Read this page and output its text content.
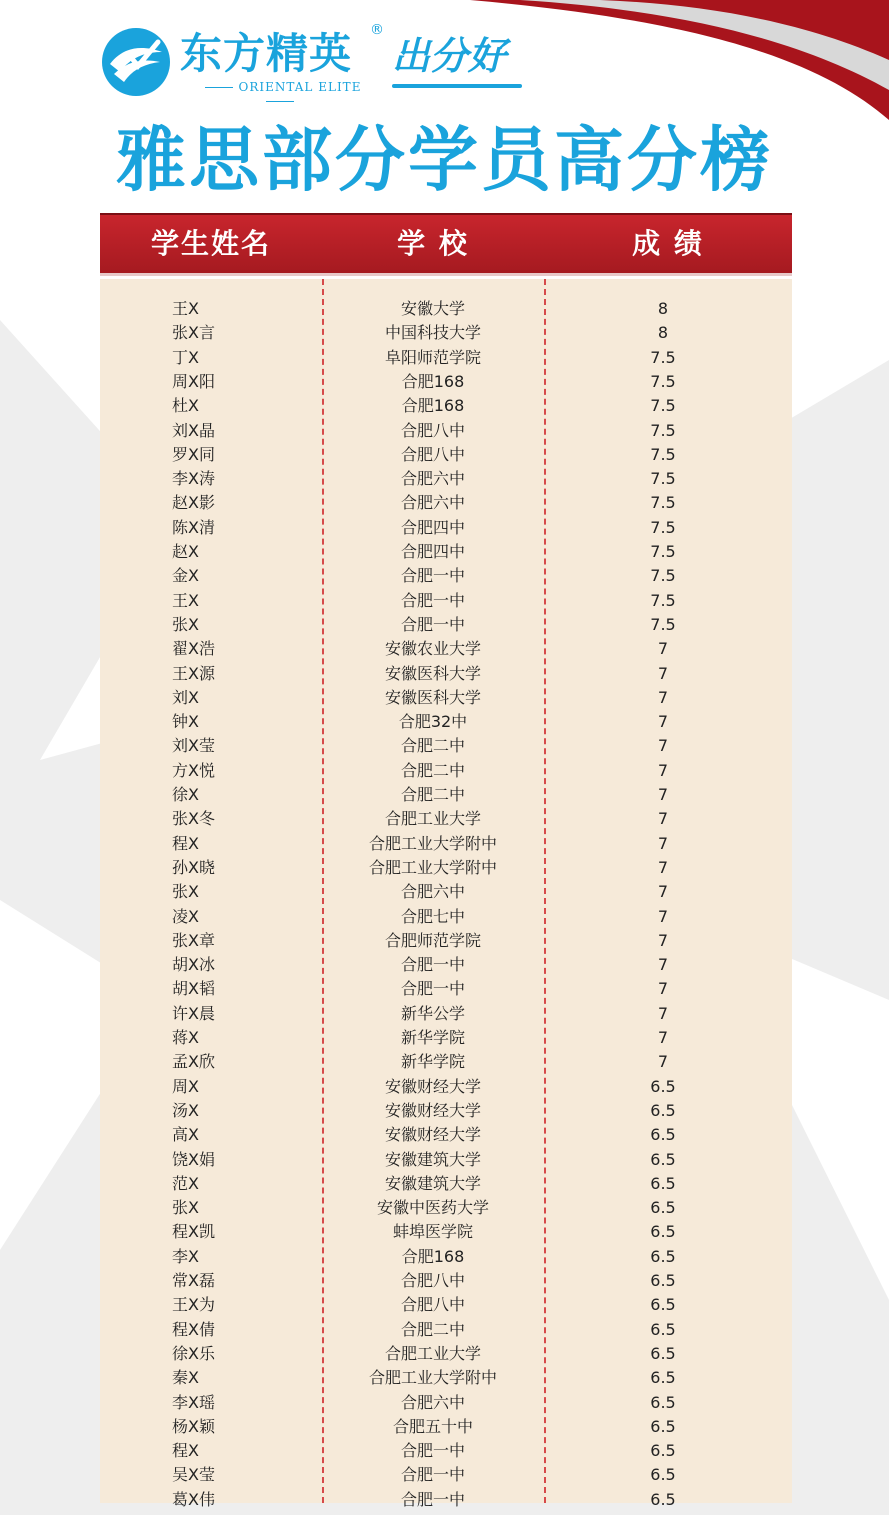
东方精英 ®
出分好
ORIENTAL ELITE
雅思部分学员高分榜
学生姓名	学 校	成 绩
王X	安徽大学	8
张X言	中国科技大学	8
丁X	阜阳师范学院	7.5
周X阳	合肥168	7.5
杜X	合肥168	7.5
刘X晶	合肥八中	7.5
罗X同	合肥八中	7.5
李X涛	合肥六中	7.5
赵X影	合肥六中	7.5
陈X清	合肥四中	7.5
赵X	合肥四中	7.5
金X	合肥一中	7.5
王X	合肥一中	7.5
张X	合肥一中	7.5
翟X浩	安徽农业大学	7
王X源	安徽医科大学	7
刘X	安徽医科大学	7
钟X	合肥32中	7
刘X莹	合肥二中	7
方X悦	合肥二中	7
徐X	合肥二中	7
张X冬	合肥工业大学	7
程X	合肥工业大学附中	7
孙X晓	合肥工业大学附中	7
张X	合肥六中	7
凌X	合肥七中	7
张X章	合肥师范学院	7
胡X冰	合肥一中	7
胡X韬	合肥一中	7
许X晨	新华公学	7
蒋X	新华学院	7
孟X欣	新华学院	7
周X	安徽财经大学	6.5
汤X	安徽财经大学	6.5
高X	安徽财经大学	6.5
饶X娟	安徽建筑大学	6.5
范X	安徽建筑大学	6.5
张X	安徽中医药大学	6.5
程X凯	蚌埠医学院	6.5
李X	合肥168	6.5
常X磊	合肥八中	6.5
王X为	合肥八中	6.5
程X倩	合肥二中	6.5
徐X乐	合肥工业大学	6.5
秦X	合肥工业大学附中	6.5
李X瑶	合肥六中	6.5
杨X颖	合肥五十中	6.5
程X	合肥一中	6.5
吴X莹	合肥一中	6.5
葛X伟	合肥一中	6.5
